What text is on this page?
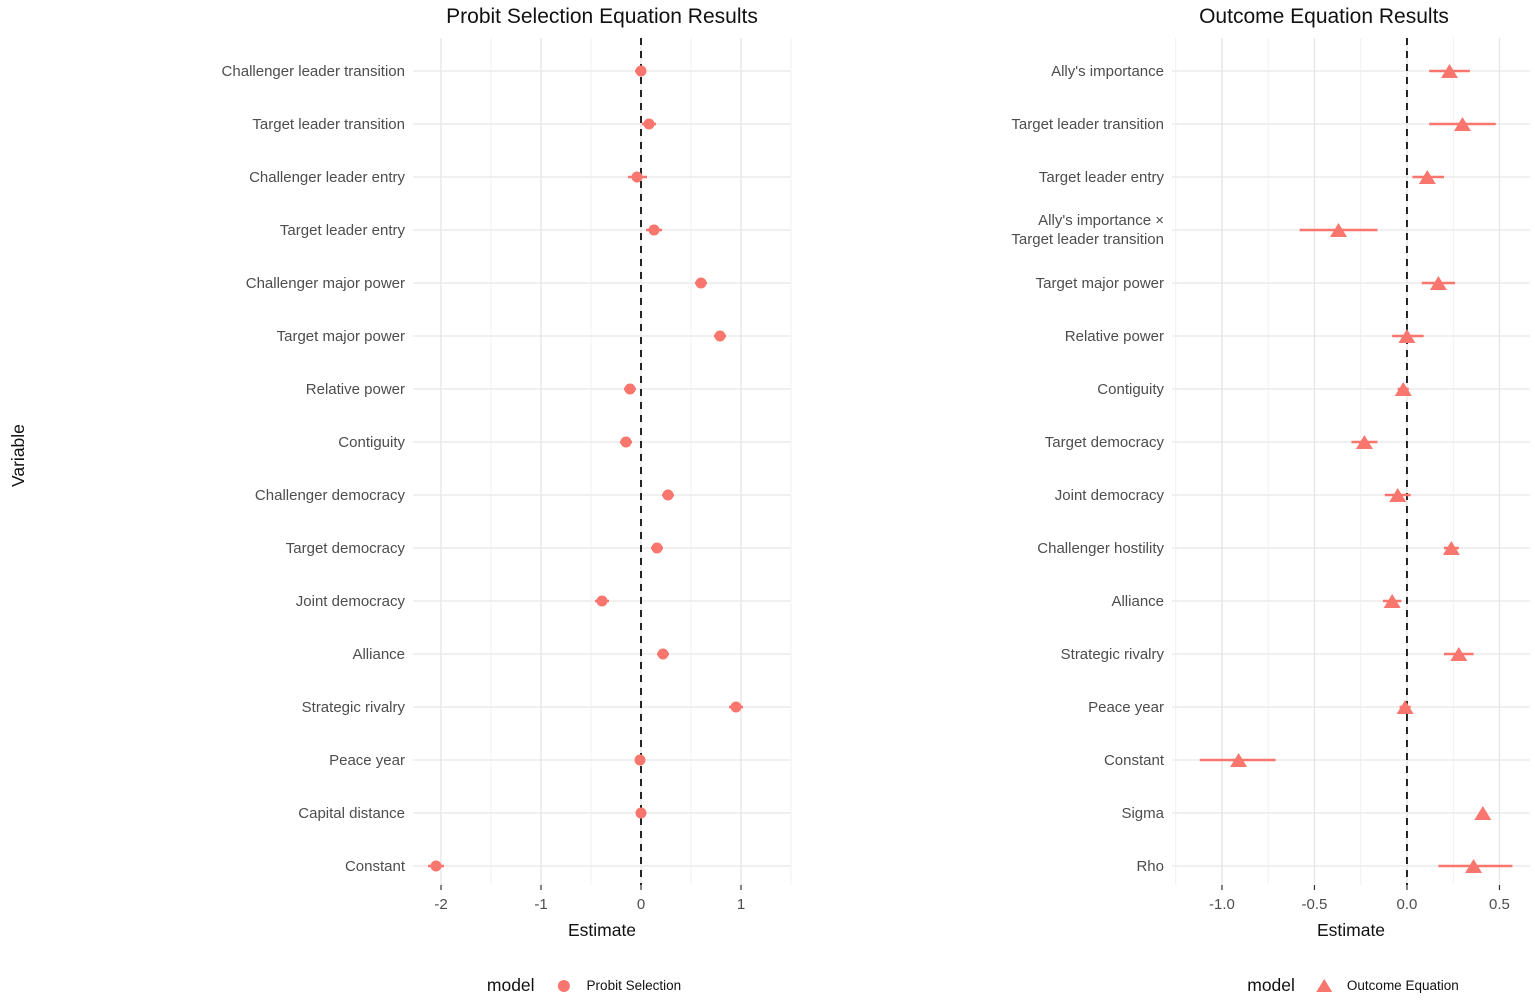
Probit Selection Equation Results	Outcome Equation Results
Variable
Estimate	Estimate
model	Probit Selection	model	Outcome Equation
-2	-1	0	1
Challenger leader transition
Target leader transition
Challenger leader entry
Target leader entry
Challenger major power
Target major power
Relative power
Contiguity
Challenger democracy
Target democracy
Joint democracy
Alliance
Strategic rivalry
Peace year
Capital distance
Constant
-1.0	-0.5	0.0	0.5
Ally's importance
Target leader transition
Target leader entry
Ally's importance ×
Target leader transition
Target major power
Relative power
Contiguity
Target democracy
Joint democracy
Challenger hostility
Alliance
Strategic rivalry
Peace year
Constant
Sigma
Rho
